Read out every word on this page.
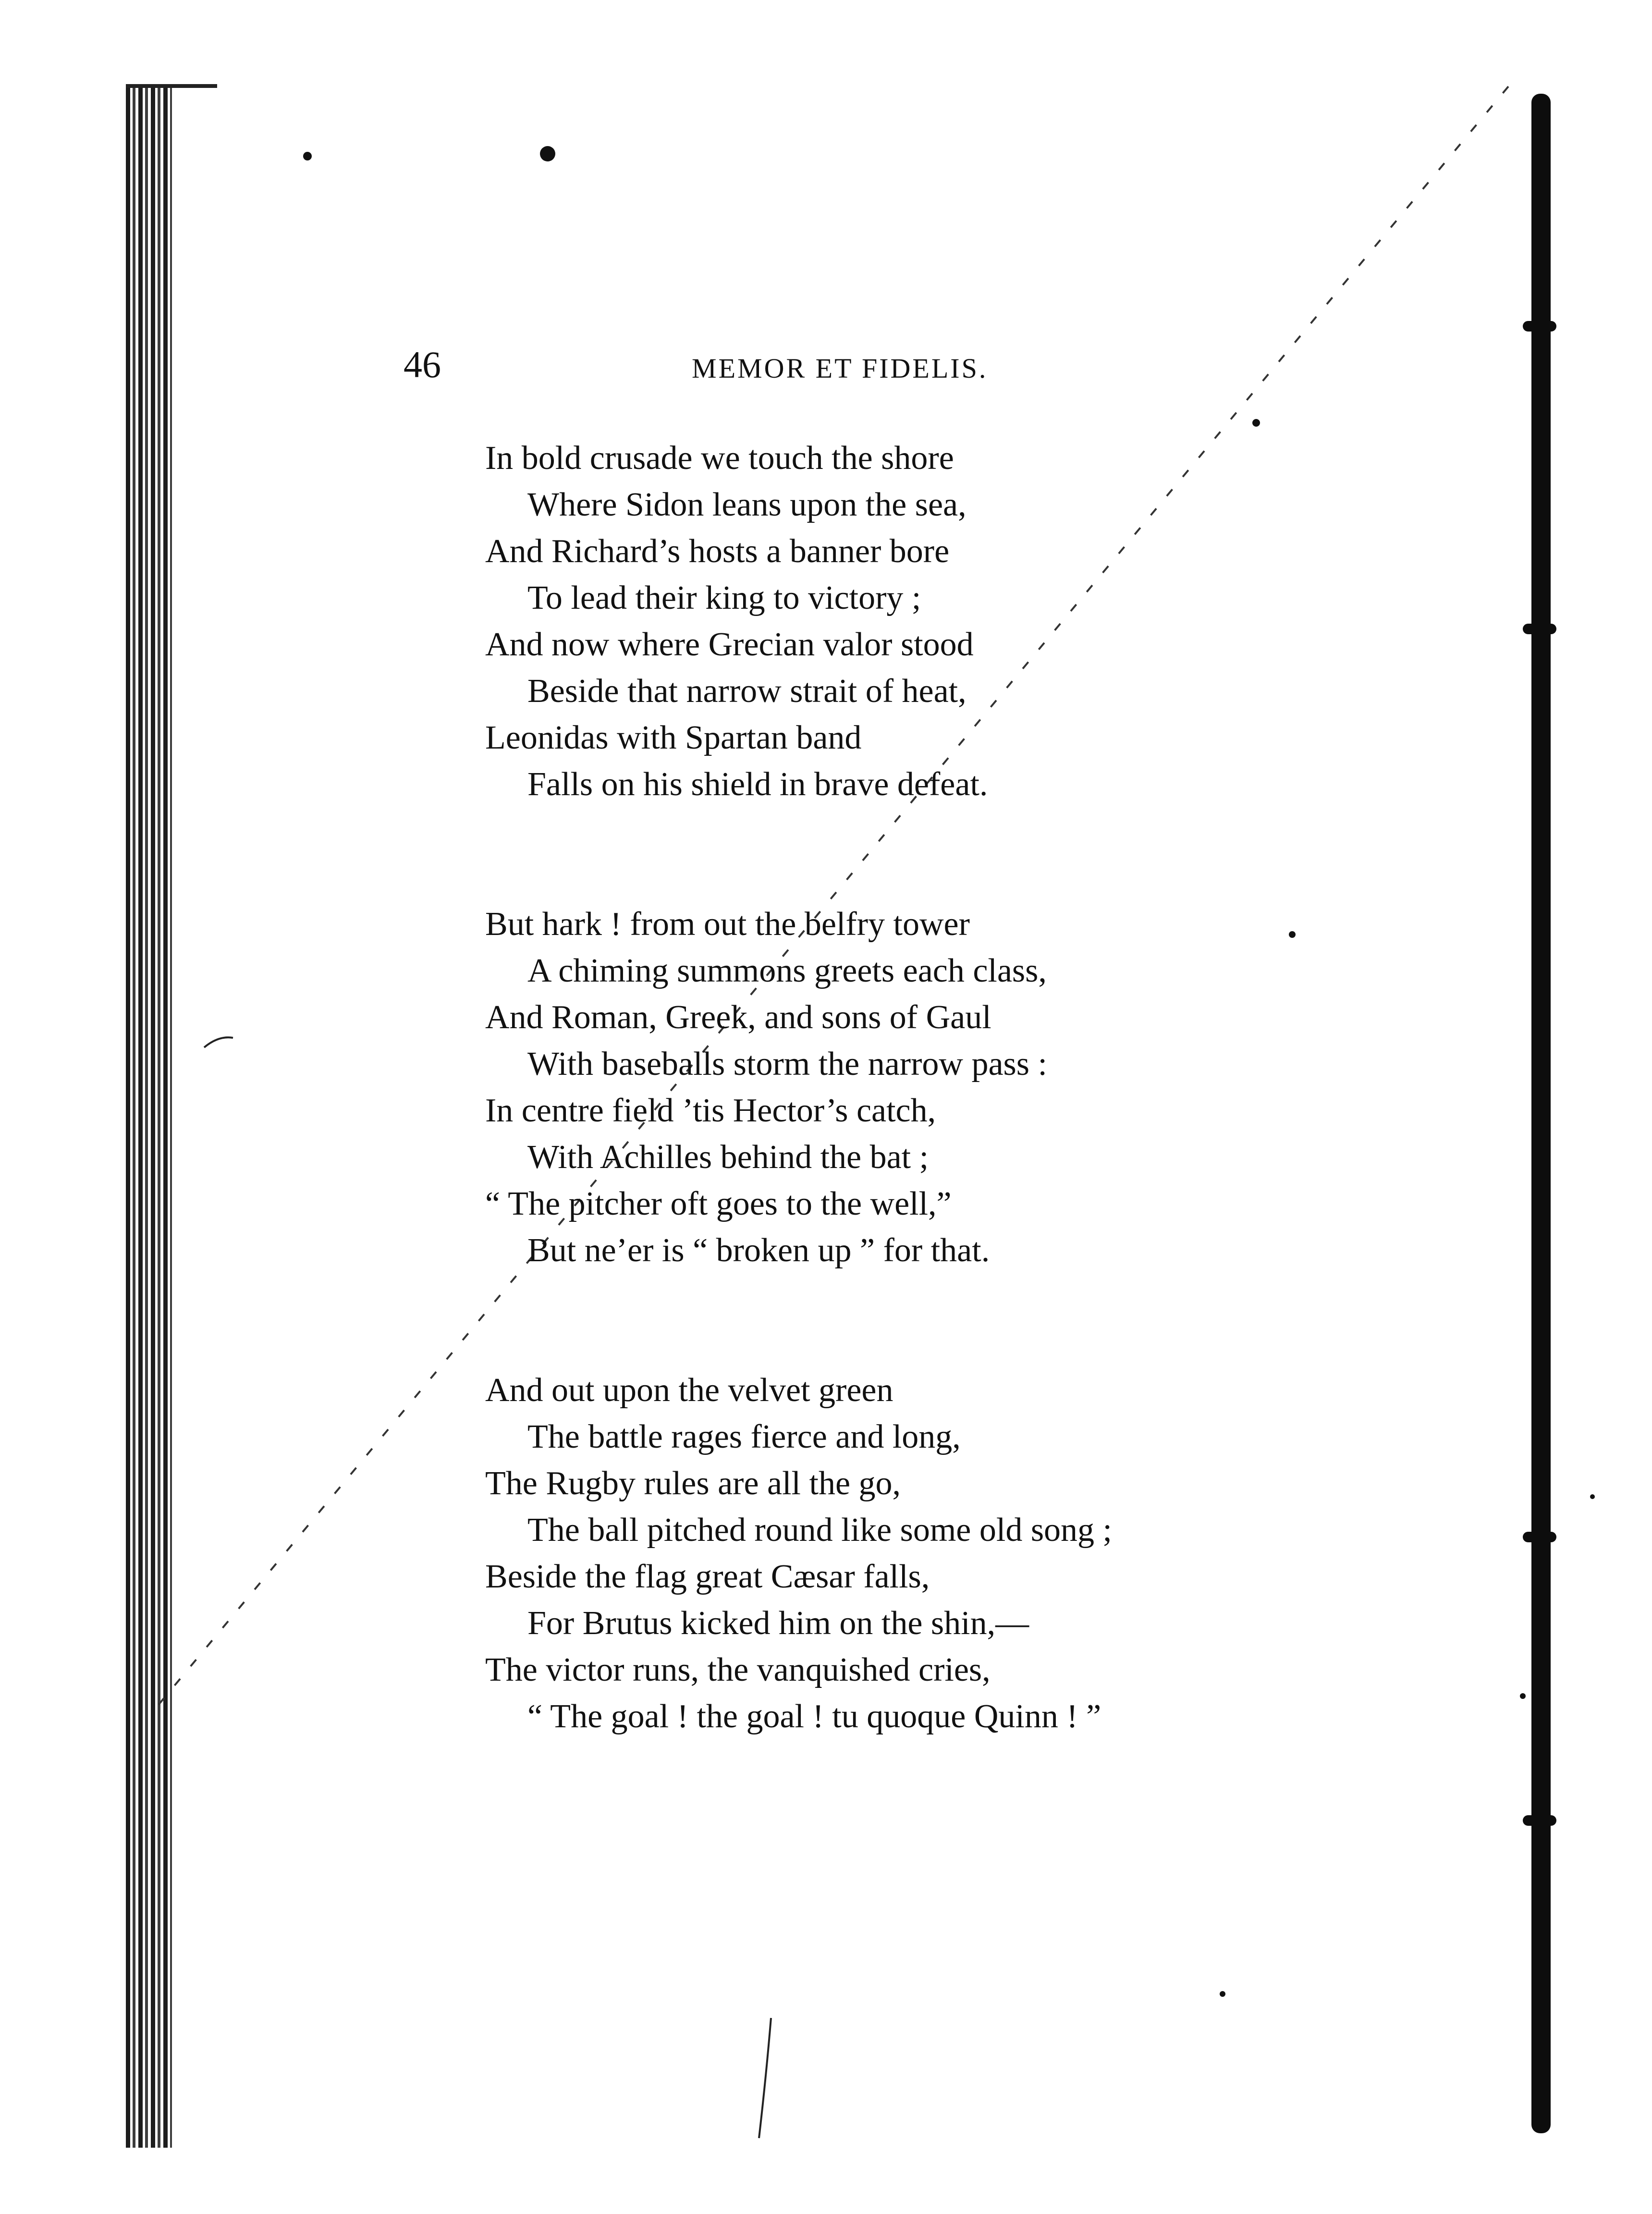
46	MEMOR ET FIDELIS.
In bold crusade we touch the shore
Where Sidon leans upon the sea,
And Richard’s hosts a banner bore
To lead their king to victory ;
And now where Grecian valor stood
Beside that narrow strait of heat,
Leonidas with Spartan band
Falls on his shield in brave defeat.
But hark ! from out the belfry tower
A chiming summons greets each class,
And Roman, Greek, and sons of Gaul
With baseballs storm the narrow pass :
In centre field ’tis Hector’s catch,
With Achilles behind the bat ;
“ The pitcher oft goes to the well,”
But ne’er is “ broken up ” for that.
And out upon the velvet green
The battle rages fierce and long,
The Rugby rules are all the go,
The ball pitched round like some old song ;
Beside the flag great Cæsar falls,
For Brutus kicked him on the shin,—
The victor runs, the vanquished cries,
“ The goal ! the goal ! tu quoque Quinn ! ”
